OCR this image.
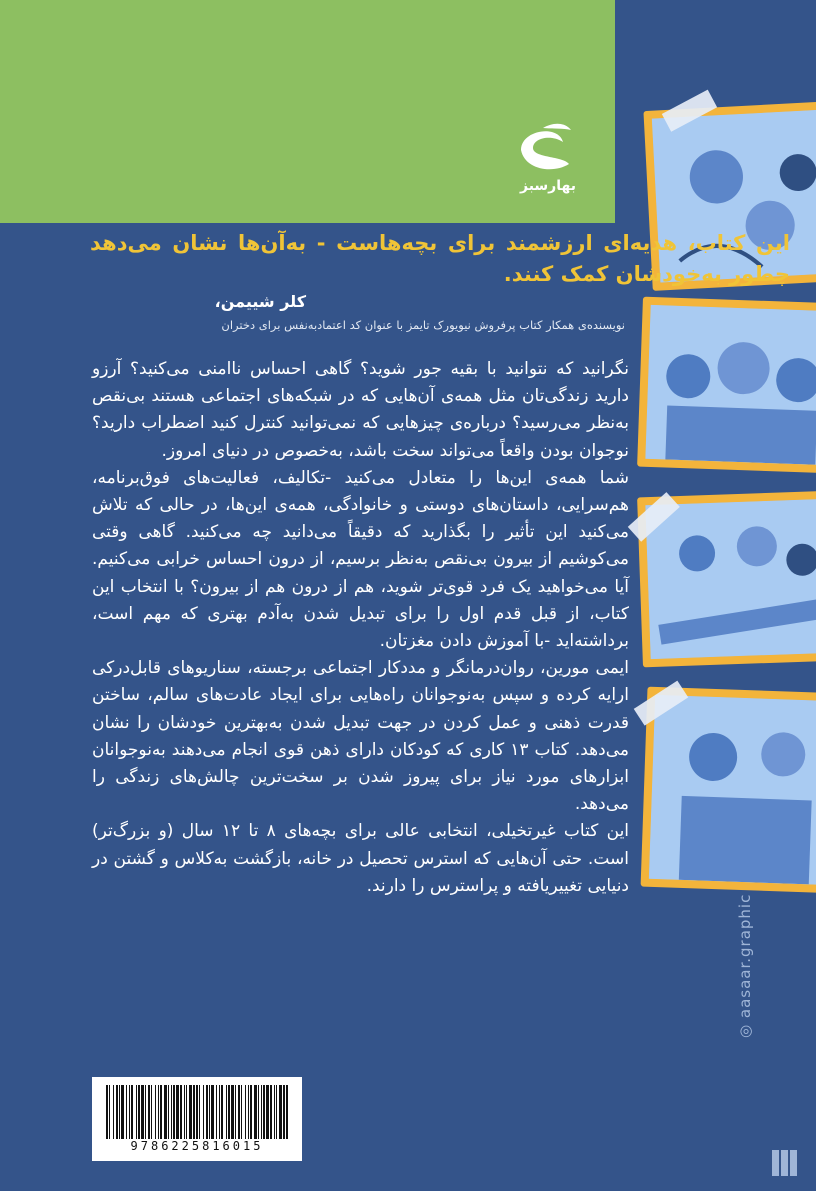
بهارسبز
این کتاب، هدیه‌ای ارزشمند برای بچه‌هاست - به‌آن‌ها نشان می‌دهد چطور به‌خودشان کمک کنند.
کلر شییمن،
نویسنده‌ی همکار کتاب پرفروش نیویورک تایمز با عنوان کد اعتمادبه‌نفس برای دختران

نگرانید که نتوانید با بقیه جور شوید؟ گاهی احساس ناامنی می‌کنید؟ آرزو دارید زندگی‌تان مثل همه‌ی آن‌هایی که در شبکه‌های اجتماعی هستند بی‌نقص به‌نظر می‌رسید؟ درباره‌ی چیزهایی که نمی‌توانید کنترل کنید اضطراب دارید؟ نوجوان بودن واقعاً می‌تواند سخت باشد، به‌خصوص در دنیای امروز.

شما همه‌ی این‌ها را متعادل می‌کنید -تکالیف، فعالیت‌های فوق‌برنامه، هم‌سرایی، داستان‌های دوستی و خانوادگی، همه‌ی این‌ها، در حالی که تلاش می‌کنید این تأثیر را بگذارید که دقیقاً می‌دانید چه می‌کنید. گاهی وقتی می‌کوشیم از بیرون بی‌نقص به‌نظر برسیم، از درون احساس خرابی می‌کنیم. آیا می‌خواهید یک فرد قوی‌تر شوید، هم از درون هم از بیرون؟ با انتخاب این کتاب، از قبل قدم اول را برای تبدیل شدن به‌آدم بهتری که مهم است، برداشته‌اید -با آموزش دادن مغزتان.

ایمی مورین، روان‌درمانگر و مددکار اجتماعی برجسته، سناریوهای قابل‌درکی ارایه کرده و سپس به‌نوجوانان راه‌هایی برای ایجاد عادت‌های سالم، ساختن قدرت ذهنی و عمل کردن در جهت تبدیل شدن به‌بهترین خودشان را نشان می‌دهد. کتاب ۱۳ کاری که کودکان دارای ذهن قوی انجام می‌دهند به‌نوجوانان ابزارهای مورد نیاز برای پیروز شدن بر سخت‌ترین چالش‌های زندگی را می‌دهد.

این کتاب غیرتخیلی، انتخابی عالی برای بچه‌های ۸ تا ۱۲ سال (و بزرگ‌تر) است. حتی آن‌هایی که استرس تحصیل در خانه، بازگشت به‌کلاس و گشتن در دنیایی تغییریافته و پراسترس را دارند.

9786225816015
◎ aasaar.graphic
